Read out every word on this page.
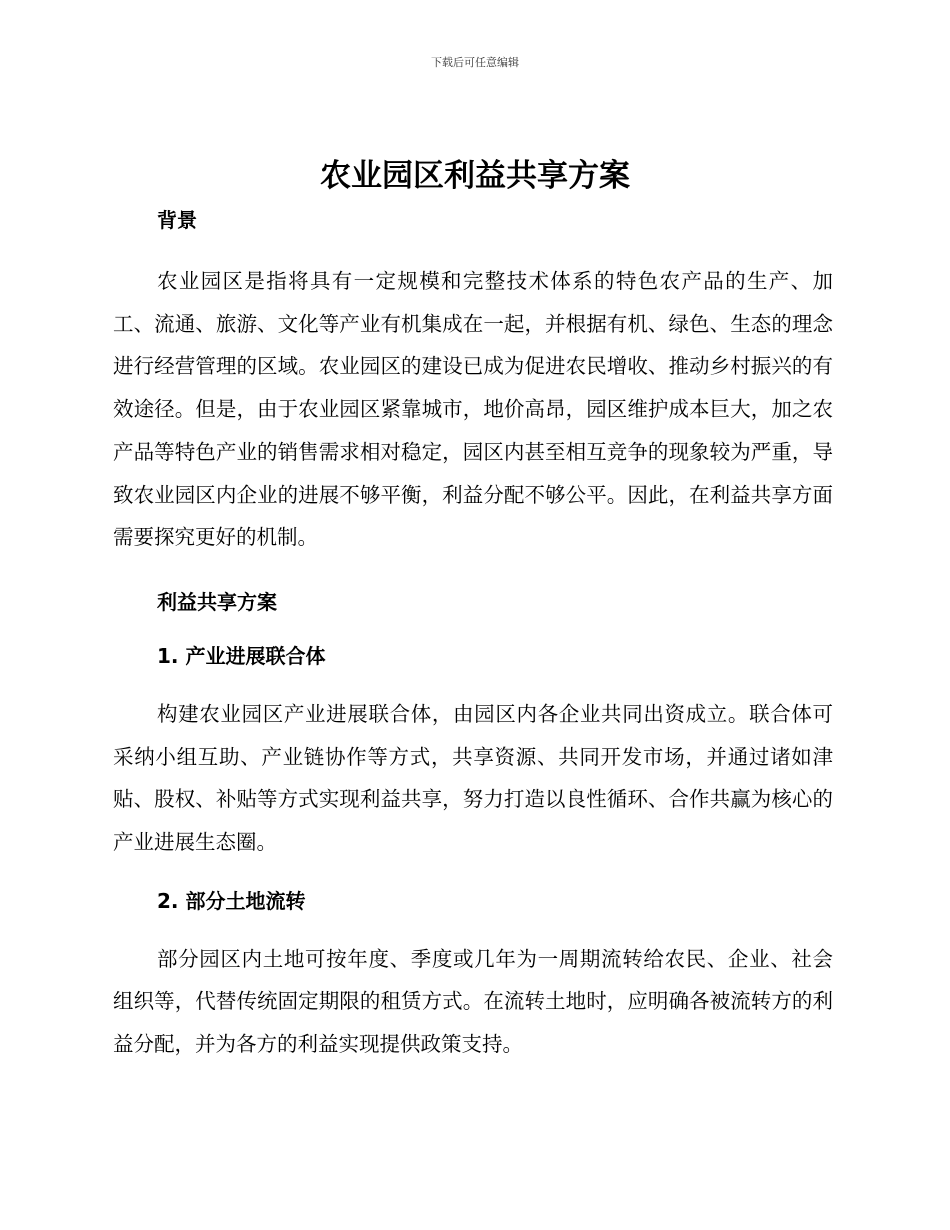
下载后可任意编辑
农业园区利益共享方案
背景

农业园区是指将具有一定规模和完整技术体系的特色农产品的生产、加工、流通、旅游、文化等产业有机集成在一起，并根据有机、绿色、生态的理念进行经营管理的区域。农业园区的建设已成为促进农民增收、推动乡村振兴的有效途径。但是，由于农业园区紧靠城市，地价高昂，园区维护成本巨大，加之农产品等特色产业的销售需求相对稳定，园区内甚至相互竞争的现象较为严重，导致农业园区内企业的进展不够平衡，利益分配不够公平。因此，在利益共享方面需要探究更好的机制。

利益共享方案
1. 产业进展联合体

构建农业园区产业进展联合体，由园区内各企业共同出资成立。联合体可采纳小组互助、产业链协作等方式，共享资源、共同开发市场，并通过诸如津贴、股权、补贴等方式实现利益共享，努力打造以良性循环、合作共赢为核心的产业进展生态圈。

2. 部分土地流转

部分园区内土地可按年度、季度或几年为一周期流转给农民、企业、社会组织等，代替传统固定期限的租赁方式。在流转土地时，应明确各被流转方的利益分配，并为各方的利益实现提供政策支持。
